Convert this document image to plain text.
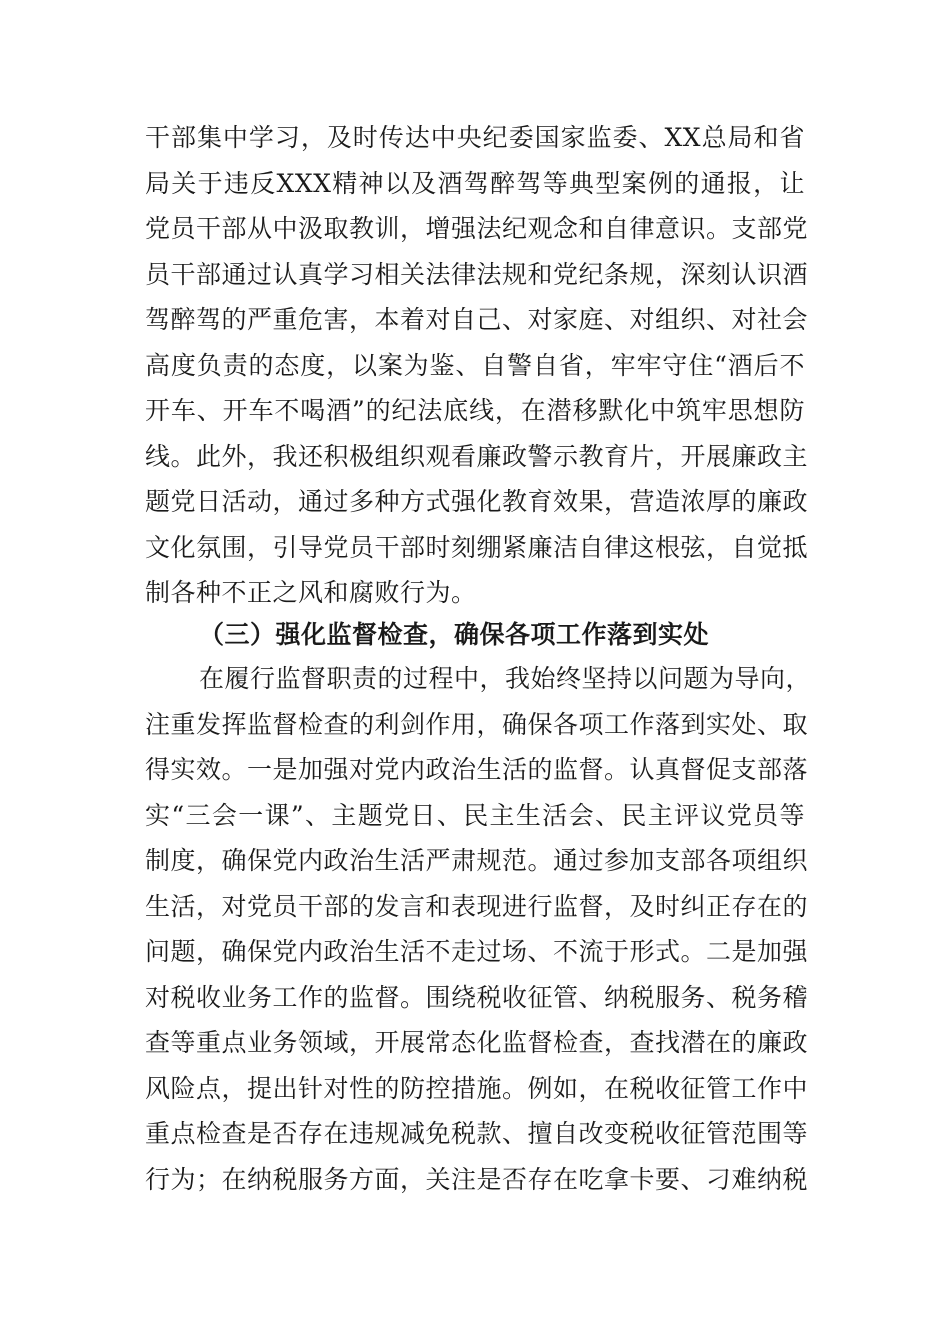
干部集中学习，及时传达中央纪委国家监委、XX总局和省
局关于违反XXX精神以及酒驾醉驾等典型案例的通报，让
党员干部从中汲取教训，增强法纪观念和自律意识。支部党
员干部通过认真学习相关法律法规和党纪条规，深刻认识酒
驾醉驾的严重危害，本着对自己、对家庭、对组织、对社会
高度负责的态度，以案为鉴、自警自省，牢牢守住“酒后不
开车、开车不喝酒”的纪法底线，在潜移默化中筑牢思想防
线。此外，我还积极组织观看廉政警示教育片，开展廉政主
题党日活动，通过多种方式强化教育效果，营造浓厚的廉政
文化氛围，引导党员干部时刻绷紧廉洁自律这根弦，自觉抵
制各种不正之风和腐败行为。
（三）强化监督检查，确保各项工作落到实处
在履行监督职责的过程中，我始终坚持以问题为导向，
注重发挥监督检查的利剑作用，确保各项工作落到实处、取
得实效。一是加强对党内政治生活的监督。认真督促支部落
实“三会一课”、主题党日、民主生活会、民主评议党员等
制度，确保党内政治生活严肃规范。通过参加支部各项组织
生活，对党员干部的发言和表现进行监督，及时纠正存在的
问题，确保党内政治生活不走过场、不流于形式。二是加强
对税收业务工作的监督。围绕税收征管、纳税服务、税务稽
查等重点业务领域，开展常态化监督检查，查找潜在的廉政
风险点，提出针对性的防控措施。例如，在税收征管工作中
重点检查是否存在违规减免税款、擅自改变税收征管范围等
行为；在纳税服务方面，关注是否存在吃拿卡要、刁难纳税
